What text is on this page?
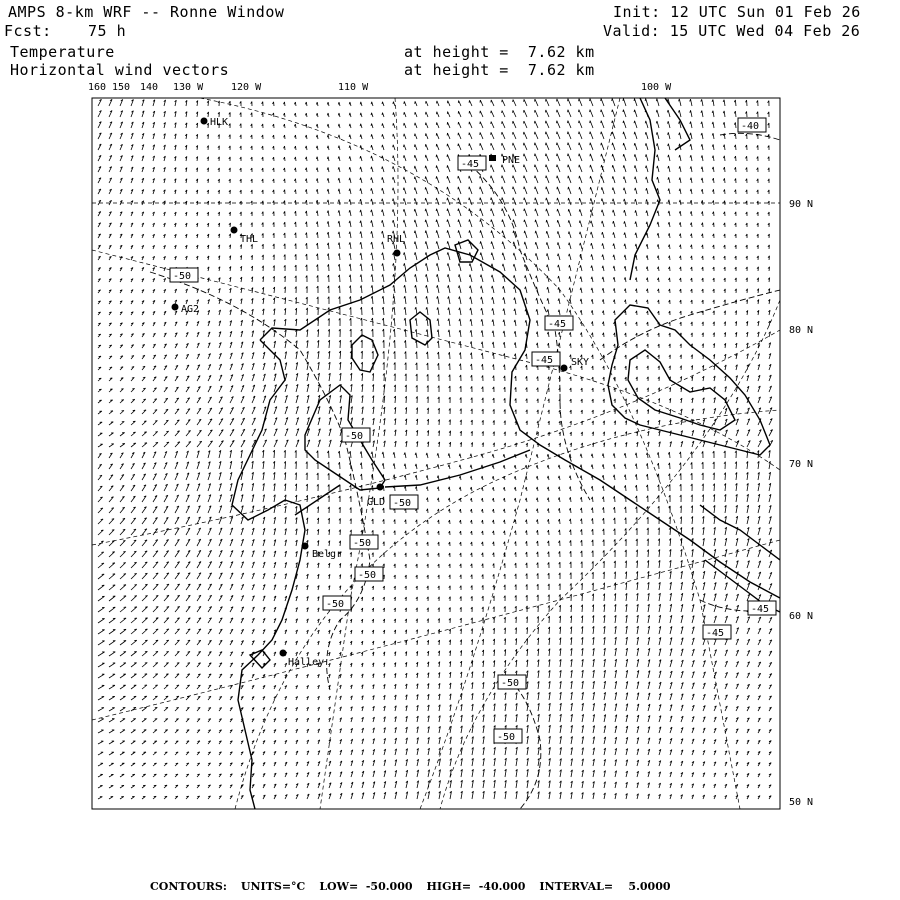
AMPS 8-km WRF -- Ronne Window
Fcst: 75 h
Init: 12 UTC Sun 01 Feb 26
Valid: 15 UTC Wed 04 Feb 26
Temperature	at height =  7.62 km
Horizontal wind vectors	at height =  7.62 km
-40
-45
-50
-45
-45
-50
-50
-50
-50
-50
-50
-45
-45
-50
HLK
PNE
THL	RHL
AG2
SKY
GLD
Belgr
Halley
160 150 140 130 W	120 W	110 W	100 W
90 N
80 N
70 N
60 N
50 N
CONTOURS: UNITS=°C LOW=  -50.000 HIGH=  -40.000 INTERVAL=    5.0000
